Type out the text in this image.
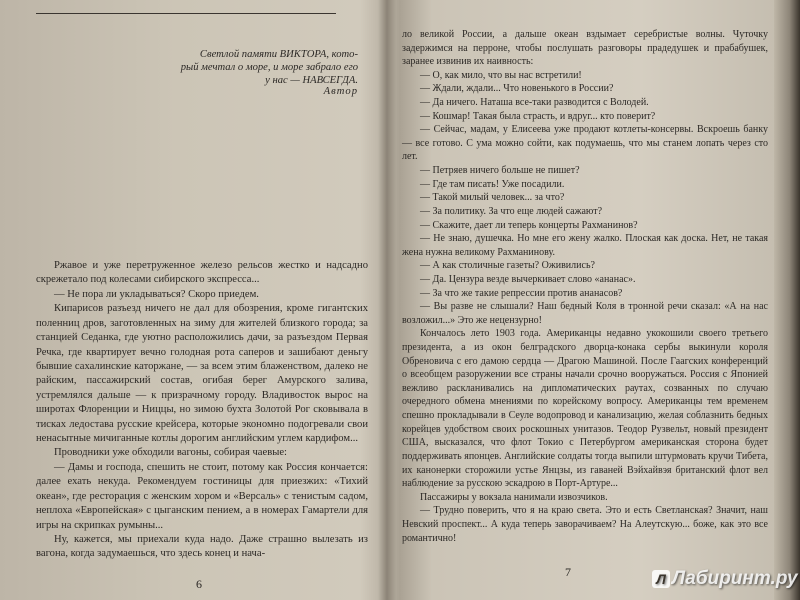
Светлой памяти ВИКТОРА, кото-
рый мечтал о море, и море забрало его
у нас — НАВСЕГДА.
Автор

Ржавое и уже перетруженное железо рельсов жестко и надсадно скрежетало под колесами сибирского экспресса...

— Не пора ли укладываться? Скоро приедем.

Кипарисов разъезд ничего не дал для обозрения, кроме гигантских поленниц дров, заготовленных на зиму для жителей близкого города; за станцией Седанка, где уютно расположились дачи, за разъездом Первая Речка, где квартирует вечно голодная рота саперов и зашибают деньгу бывшие сахалинские каторжане, — за всем этим блаженством, далеко не райским, пассажирский состав, огибая берег Амурского залива, устремлялся дальше — к призрачному городу. Владивосток вырос на широтах Флоренции и Ниццы, но зимою бухта Золотой Рог сковывала в тисках ледостава русские крейсера, которые экономно подогревали свои ненасытные мичиганные котлы дорогим английским углем кардифом...

Проводники уже обходили вагоны, собирая чаевые:

— Дамы и господа, спешить не стоит, потому как Россия кончается: далее ехать некуда. Рекомендуем гостиницы для приезжих: «Тихий океан», где ресторация с женским хором и «Версаль» с тенистым садом, неплоха «Европейская» с цыганским пением, а в номерах Гамартели для игры на скрипках румыны...

Ну, кажется, мы приехали куда надо. Даже страшно вылезать из вагона, когда задумаешься, что здесь конец и нача-

6

ло великой России, а дальше океан вздымает серебристые волны. Чуточку задержимся на перроне, чтобы послушать разговоры прадедушек и прабабушек, заранее извинив их наивность:

— О, как мило, что вы нас встретили!

— Ждали, ждали... Что новенького в России?

— Да ничего. Наташа все-таки разводится с Володей.

— Кошмар! Такая была страсть, и вдруг... кто поверит?

— Сейчас, мадам, у Елисеева уже продают котлеты-консервы. Вскроешь банку — все готово. С ума можно сойти, как подумаешь, что мы станем лопать через сто лет.

— Петряев ничего больше не пишет?

— Где там писать! Уже посадили.

— Такой милый человек... за что?

— За политику. За что еще людей сажают?

— Скажите, дает ли теперь концерты Рахманинов?

— Не знаю, душечка. Но мне его жену жалко. Плоская как доска. Нет, не такая жена нужна великому Рахманинову.

— А как столичные газеты? Оживились?

— Да. Цензура везде вычеркивает слово «ананас».

— За что же такие репрессии против ананасов?

— Вы разве не слышали? Наш бедный Коля в тронной речи сказал: «А на нас возложил...» Это же нецензурно!

Кончалось лето 1903 года. Американцы недавно укокошили своего третьего президента, а из окон белградского дворца-конака сербы выкинули короля Обреновича с его дамою сердца — Драгою Машиной. После Гаагских конференций о всеобщем разоружении все страны начали срочно вооружаться. Россия с Японией вежливо раскланивались на дипломатических раутах, созванных по случаю очередного обмена мнениями по корейскому вопросу. Американцы тем временем спешно прокладывали в Сеуле водопровод и канализацию, желая соблазнить бедных корейцев удобством своих роскошных унитазов. Теодор Рузвельт, новый президент США, высказался, что флот Токио с Петербургом американская сторона будет поддерживать японцев. Английские солдаты тогда выпили штурмовать кручи Тибета, их канонерки сторожили устье Янцзы, из гаваней Вэйхайвэя британский флот вел наблюдение за русскою эскадрою в Порт-Артуре...

Пассажиры у вокзала нанимали извозчиков.

— Трудно поверить, что я на краю света. Это и есть Светланская? Значит, наш Невский проспект... А куда теперь заворачиваем? На Алеутскую... боже, как это все романтично!

7	Л Лабиринт.ру
